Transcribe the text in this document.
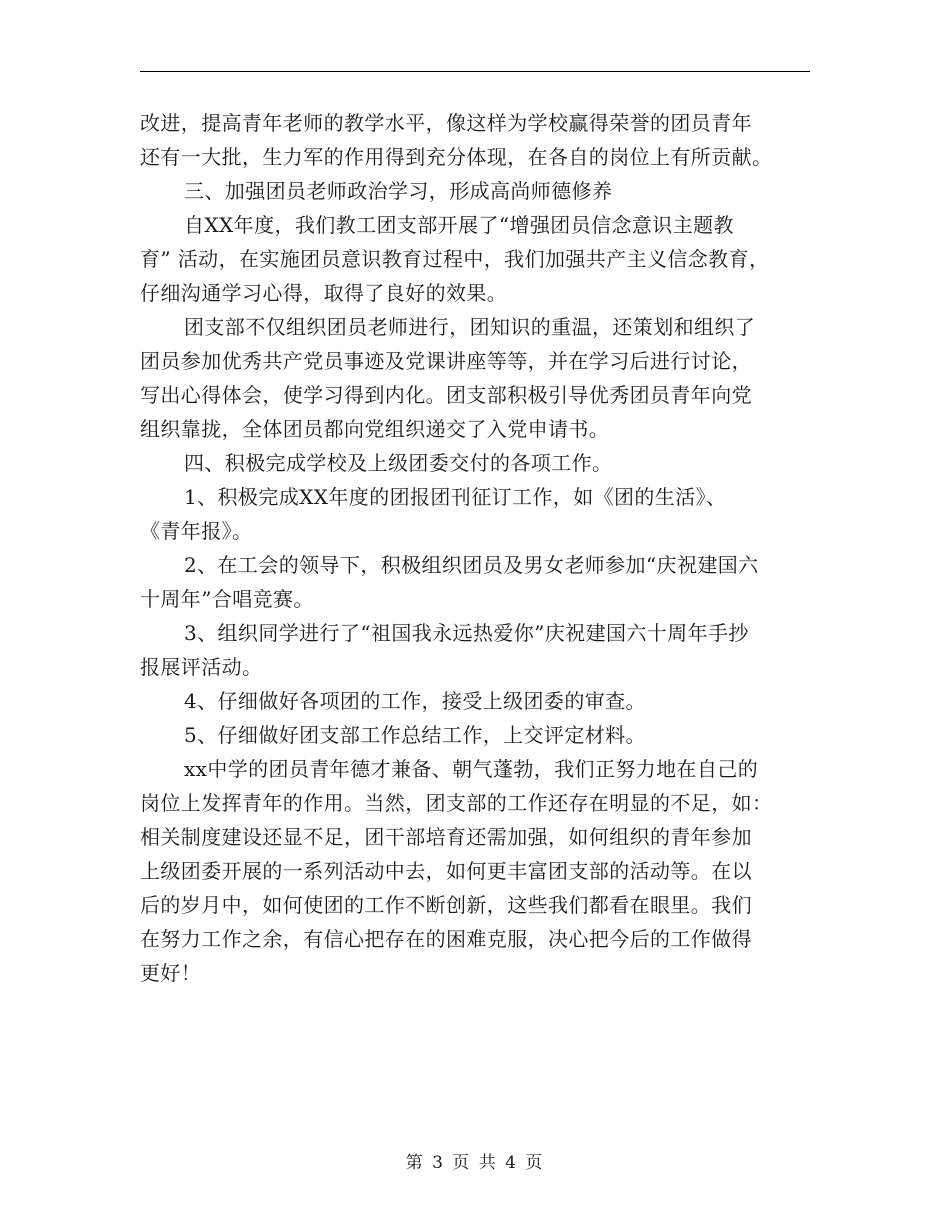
改进，提高青年老师的教学水平，像这样为学校赢得荣誉的团员青年
还有一大批，生力军的作用得到充分体现，在各自的岗位上有所贡献。
三、加强团员老师政治学习，形成高尚师德修养
自XX年度，我们教工团支部开展了“增强团员信念意识主题教
育” 活动，在实施团员意识教育过程中，我们加强共产主义信念教育，
仔细沟通学习心得，取得了良好的效果。
团支部不仅组织团员老师进行，团知识的重温，还策划和组织了
团员参加优秀共产党员事迹及党课讲座等等，并在学习后进行讨论，
写出心得体会，使学习得到内化。团支部积极引导优秀团员青年向党
组织靠拢，全体团员都向党组织递交了入党申请书。
四、积极完成学校及上级团委交付的各项工作。
1、积极完成XX年度的团报团刊征订工作，如《团的生活》、
《青年报》。
2、在工会的领导下，积极组织团员及男女老师参加“庆祝建国六
十周年”合唱竞赛。
3、组织同学进行了“祖国我永远热爱你”庆祝建国六十周年手抄
报展评活动。
4、仔细做好各项团的工作，接受上级团委的审查。
5、仔细做好团支部工作总结工作，上交评定材料。
xx中学的团员青年德才兼备、朝气蓬勃，我们正努力地在自己的
岗位上发挥青年的作用。当然，团支部的工作还存在明显的不足，如：
相关制度建设还显不足，团干部培育还需加强，如何组织的青年参加
上级团委开展的一系列活动中去，如何更丰富团支部的活动等。在以
后的岁月中，如何使团的工作不断创新，这些我们都看在眼里。我们
在努力工作之余，有信心把存在的困难克服，决心把今后的工作做得
更好！
第 3 页 共 4 页
